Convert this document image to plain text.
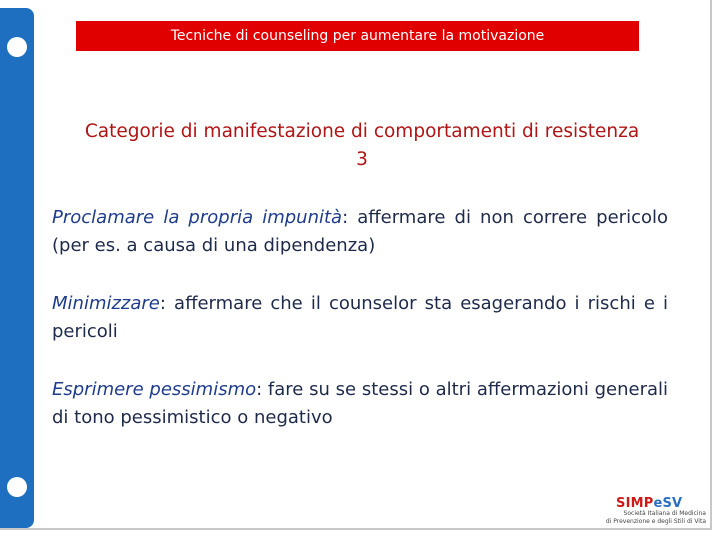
Tecniche di counseling per aumentare la motivazione
Categorie di manifestazione di comportamenti di resistenza
3
Proclamare la propria impunità: affermare di non correre pericolo (per es. a causa di una dipendenza)
Minimizzare: affermare che il counselor sta esagerando i rischi e i pericoli
Esprimere pessimismo: fare su se stessi o altri affermazioni generali di tono pessimistico o negativo
SIMPeSV
Società Italiana di Medicina
di Prevenzione e degli Stili di Vita
